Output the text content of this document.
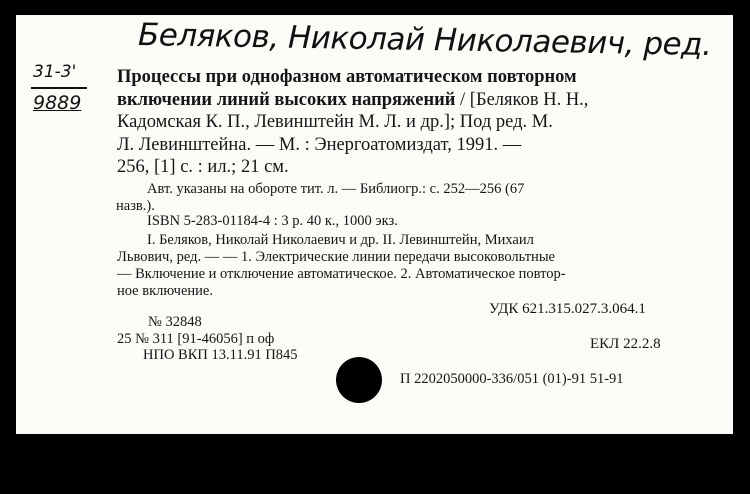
Беляков, Николай Николаевич, ред.
31-3'
9889
Процессы при однофазном автоматическом повторном
включении линий высоких напряжений / [Беляков Н. Н.,
Кадомская К. П., Левинштейн М. Л. и др.]; Под ред. М.
Л. Левинштейна. — М. : Энергоатомиздат, 1991. —
256, [1] с. : ил.; 21 см.
Авт. указаны на обороте тит. л. — Библиогр.: с. 252—256 (67
назв.).
ISBN 5-283-01184-4 : 3 р. 40 к., 1000 экз.
I. Беляков, Николай Николаевич и др. II. Левинштейн, Михаил
Львович, ред. — — 1. Электрические линии передачи высоковольтные
— Включение и отключение автоматическое. 2. Автоматическое повтор-
ное включение.
УДК 621.315.027.3.064.1
№ 32848
25 № 311 [91-46056] п оф
НПО ВКП 13.11.91 П845
ЕКЛ 22.2.8
П 2202050000-336/051 (01)-91 51-91
